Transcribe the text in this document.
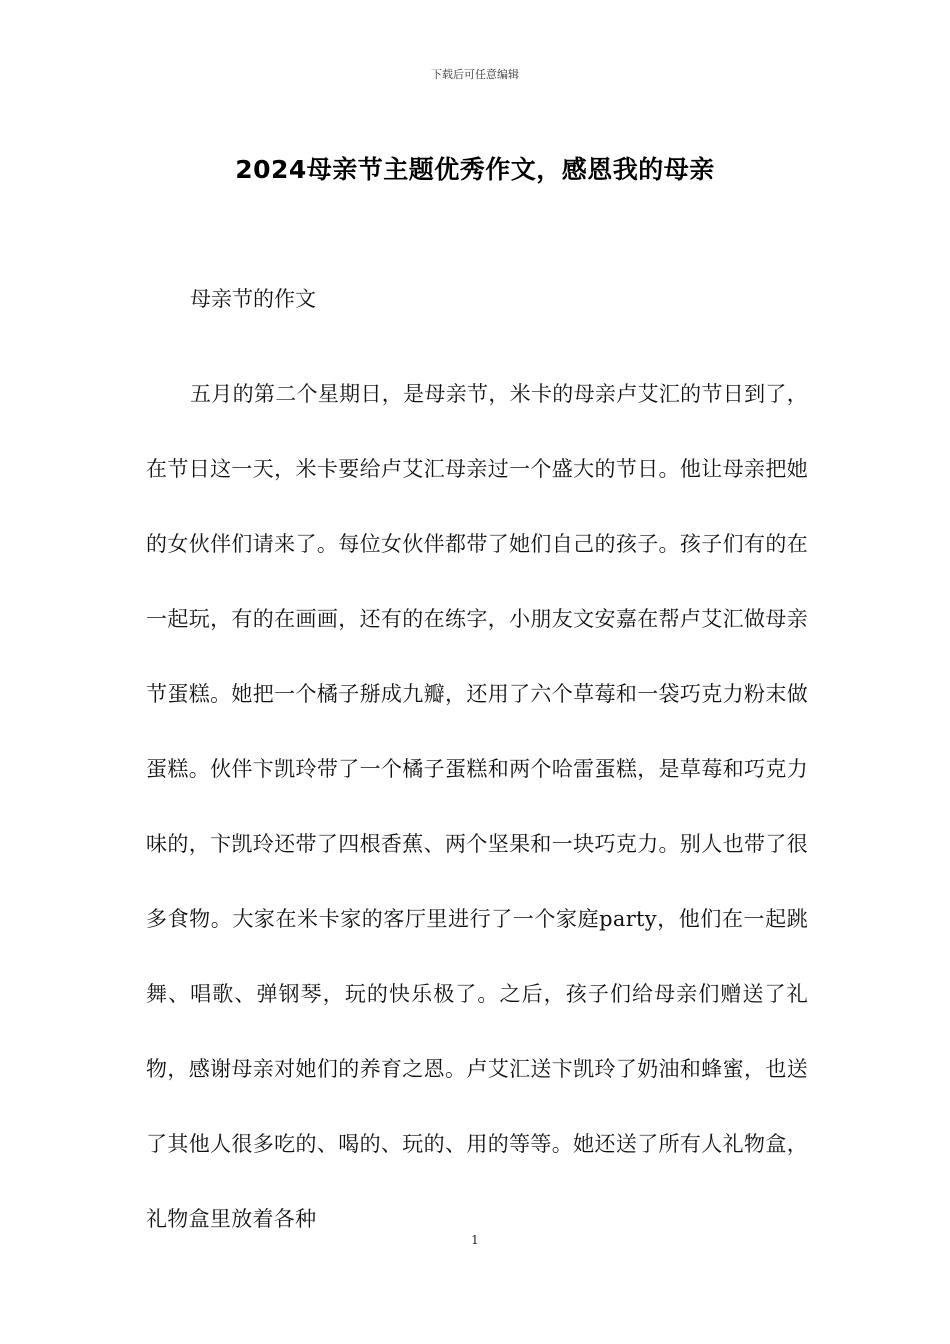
下载后可任意编辑
2024母亲节主题优秀作文，感恩我的母亲
母亲节的作文

五月的第二个星期日，是母亲节，米卡的母亲卢艾汇的节日到了，在节日这一天，米卡要给卢艾汇母亲过一个盛大的节日。他让母亲把她的女伙伴们请来了。每位女伙伴都带了她们自己的孩子。孩子们有的在一起玩，有的在画画，还有的在练字，小朋友文安嘉在帮卢艾汇做母亲节蛋糕。她把一个橘子掰成九瓣，还用了六个草莓和一袋巧克力粉末做蛋糕。伙伴卞凯玲带了一个橘子蛋糕和两个哈雷蛋糕，是草莓和巧克力味的，卞凯玲还带了四根香蕉、两个坚果和一块巧克力。别人也带了很多食物。大家在米卡家的客厅里进行了一个家庭party，他们在一起跳舞、唱歌、弹钢琴，玩的快乐极了。之后，孩子们给母亲们赠送了礼物，感谢母亲对她们的养育之恩。卢艾汇送卞凯玲了奶油和蜂蜜，也送了其他人很多吃的、喝的、玩的、用的等等。她还送了所有人礼物盒，礼物盒里放着各种

1
